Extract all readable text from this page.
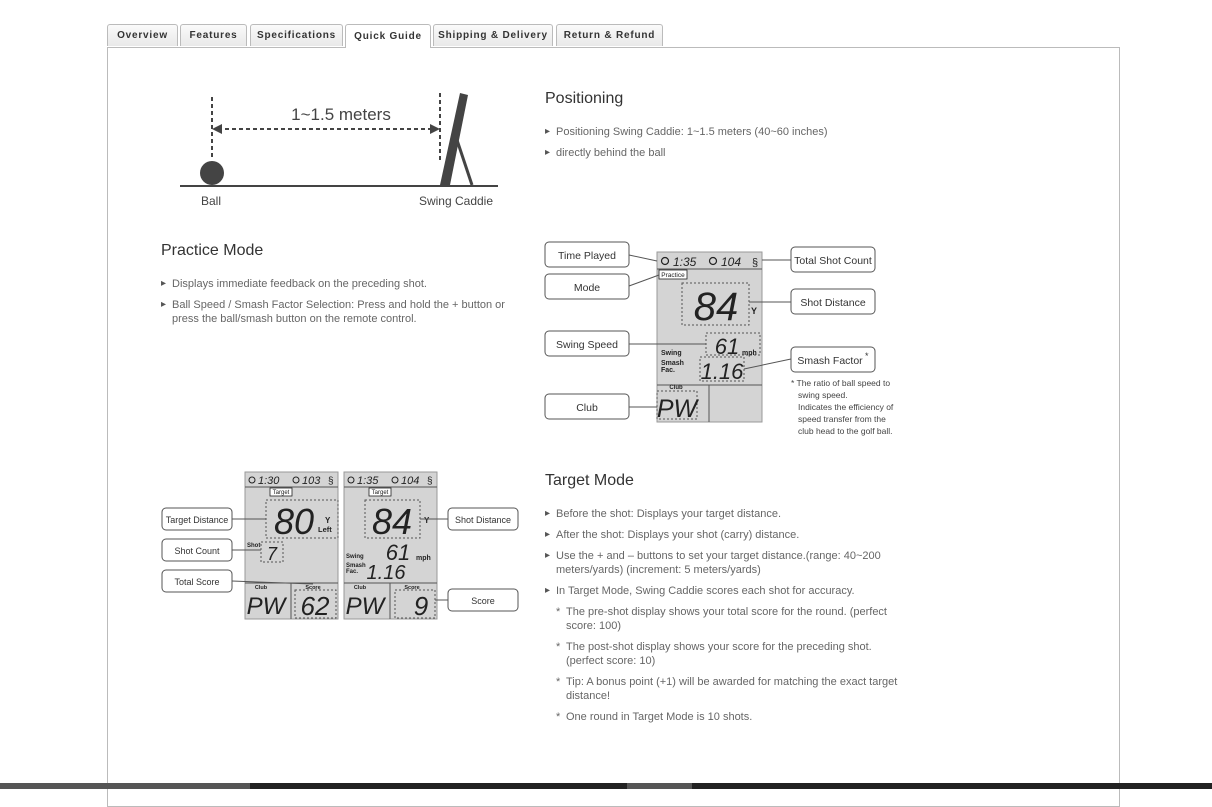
Overview	Features	Specifications	Quick Guide	Shipping & Delivery	Return & Refund
1~1.5 meters
Ball	Swing Caddie
Positioning
▸ Positioning Swing Caddie: 1~1.5 meters (40~60 inches)
▸ directly behind the ball
Practice Mode
▸ Displays immediate feedback on the preceding shot.
▸ Ball Speed / Smash Factor Selection: Press and hold the + button or press the ball/smash button on the remote control.
Time Played
Mode
Swing Speed
Club
Total Shot Count
Shot Distance
Smash Factor *
1:35 104 §
Practice
84 Y
Swing
Smash
Fac.
61 mph
1.16
Club
PW
* The ratio of ball speed to
swing speed.
Indicates the efficiency of
speed transfer from the
club head to the golf ball.
Target Distance
Shot Count
Total Score
Shot Distance
Score
1:30 103 §
Target
80 Y
Left
Shot 7
Club
PW
Score
62
1:35 104 §
Target
84 Y
Swing
Smash
Fac.
61 mph
1.16
Club
PW
Score
9
Target Mode
▸ Before the shot: Displays your target distance.
▸ After the shot: Displays your shot (carry) distance.
▸ Use the + and – buttons to set your target distance.(range: 40~200 meters/yards) (increment: 5 meters/yards)
▸ In Target Mode, Swing Caddie scores each shot for accuracy.
* The pre-shot display shows your total score for the round. (perfect score: 100)
* The post-shot display shows your score for the preceding shot. (perfect score: 10)
* Tip: A bonus point (+1) will be awarded for matching the exact target distance!
* One round in Target Mode is 10 shots.
